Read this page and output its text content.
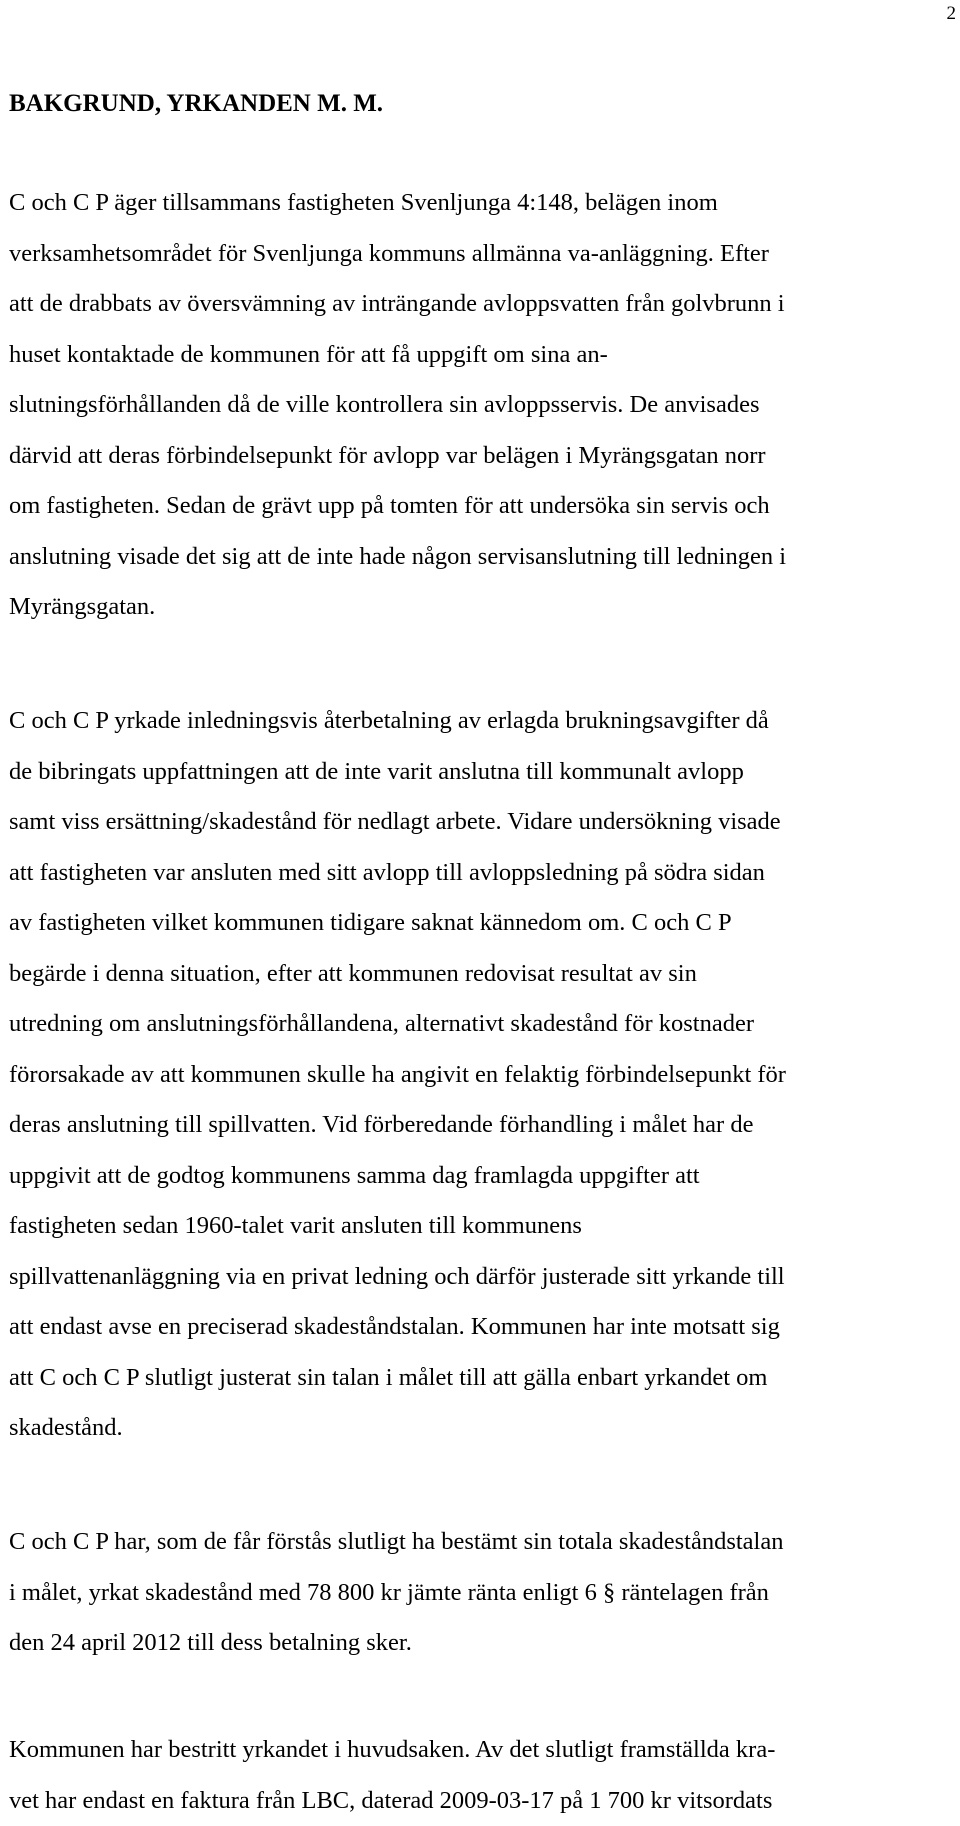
2
BAKGRUND, YRKANDEN M. M.

C och C P äger tillsammans fastigheten Svenljunga 4:148, belägen inom
verksamhetsområdet för Svenljunga kommuns allmänna va-anläggning. Efter
att de drabbats av översvämning av inträngande avloppsvatten från golvbrunn i
huset kontaktade de kommunen för att få uppgift om sina an-
slutningsförhållanden då de ville kontrollera sin avloppsservis. De anvisades
därvid att deras förbindelsepunkt för avlopp var belägen i Myrängsgatan norr
om fastigheten. Sedan de grävt upp på tomten för att undersöka sin servis och
anslutning visade det sig att de inte hade någon servisanslutning till ledningen i
Myrängsgatan.

C och C P yrkade inledningsvis återbetalning av erlagda brukningsavgifter då
de bibringats uppfattningen att de inte varit anslutna till kommunalt avlopp
samt viss ersättning/skadestånd för nedlagt arbete. Vidare undersökning visade
att fastigheten var ansluten med sitt avlopp till avloppsledning på södra sidan
av fastigheten vilket kommunen tidigare saknat kännedom om. C och C P
begärde i denna situation, efter att kommunen redovisat resultat av sin
utredning om anslutningsförhållandena, alternativt skadestånd för kostnader
förorsakade av att kommunen skulle ha angivit en felaktig förbindelsepunkt för
deras anslutning till spillvatten. Vid förberedande förhandling i målet har de
uppgivit att de godtog kommunens samma dag framlagda uppgifter att
fastigheten sedan 1960-talet varit ansluten till kommunens
spillvattenanläggning via en privat ledning och därför justerade sitt yrkande till
att endast avse en preciserad skadeståndstalan. Kommunen har inte motsatt sig
att C och C P slutligt justerat sin talan i målet till att gälla enbart yrkandet om
skadestånd.

C och C P har, som de får förstås slutligt ha bestämt sin totala skadeståndstalan
i målet, yrkat skadestånd med 78 800 kr jämte ränta enligt 6 § räntelagen från
den 24 april 2012 till dess betalning sker.

Kommunen har bestritt yrkandet i huvudsaken. Av det slutligt framställda kra-
vet har endast en faktura från LBC, daterad 2009-03-17 på 1 700 kr vitsordats
